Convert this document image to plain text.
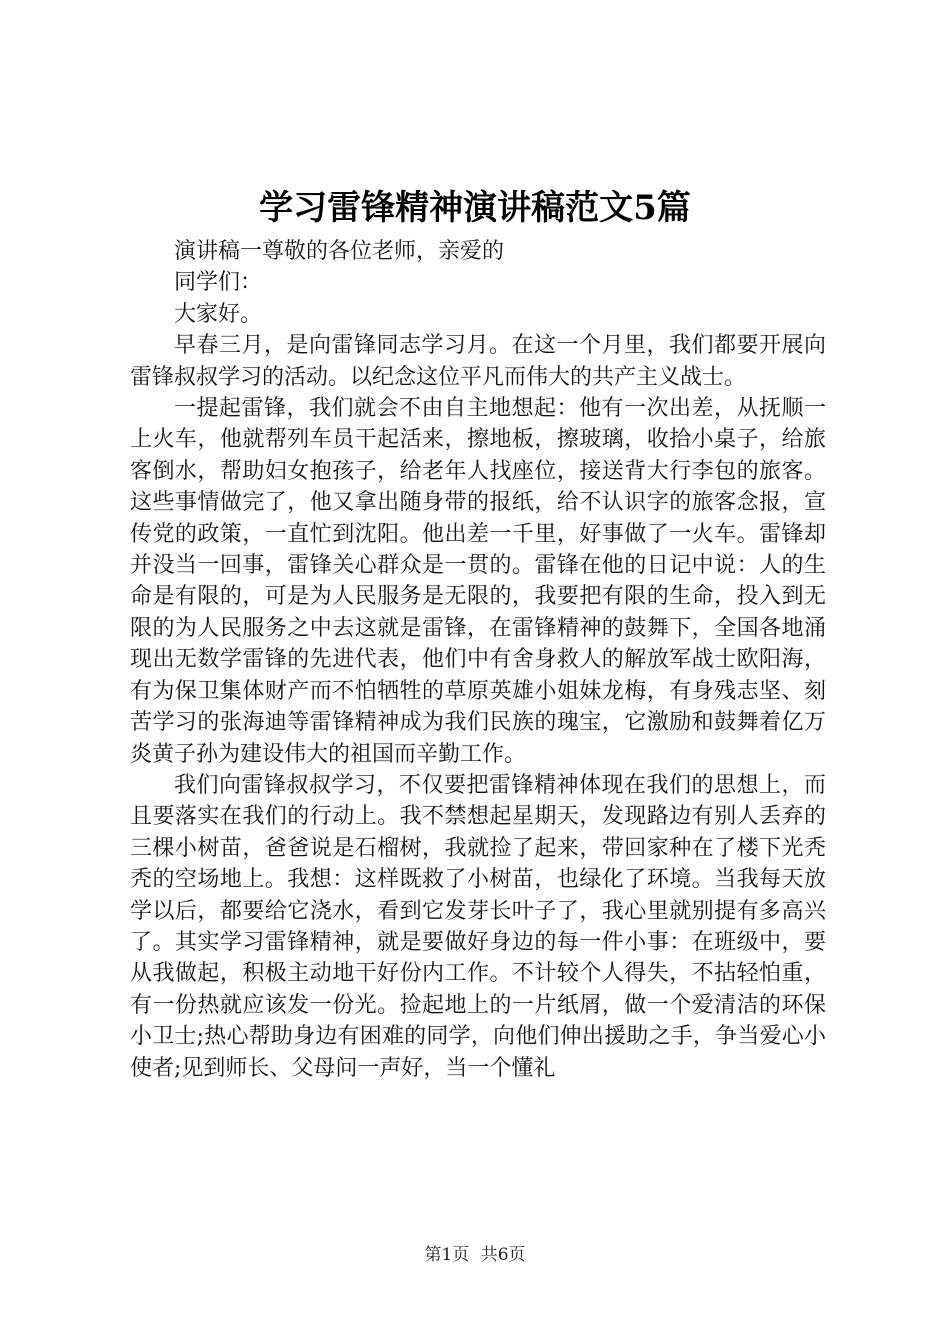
学习雷锋精神演讲稿范文5篇

演讲稿一尊敬的各位老师，亲爱的

同学们：

大家好。

早春三月，是向雷锋同志学习月。在这一个月里，我们都要开展向雷锋叔叔学习的活动。以纪念这位平凡而伟大的共产主义战士。

一提起雷锋，我们就会不由自主地想起：他有一次出差，从抚顺一上火车，他就帮列车员干起活来，擦地板，擦玻璃，收拾小桌子，给旅客倒水，帮助妇女抱孩子，给老年人找座位，接送背大行李包的旅客。这些事情做完了，他又拿出随身带的报纸，给不认识字的旅客念报，宣传党的政策，一直忙到沈阳。他出差一千里，好事做了一火车。雷锋却并没当一回事，雷锋关心群众是一贯的。雷锋在他的日记中说：人的生命是有限的，可是为人民服务是无限的，我要把有限的生命，投入到无限的为人民服务之中去这就是雷锋，在雷锋精神的鼓舞下，全国各地涌现出无数学雷锋的先进代表，他们中有舍身救人的解放军战士欧阳海，有为保卫集体财产而不怕牺牲的草原英雄小姐妹龙梅，有身残志坚、刻苦学习的张海迪等雷锋精神成为我们民族的瑰宝，它激励和鼓舞着亿万炎黄子孙为建设伟大的祖国而辛勤工作。

我们向雷锋叔叔学习，不仅要把雷锋精神体现在我们的思想上，而且要落实在我们的行动上。我不禁想起星期天，发现路边有别人丢弃的三棵小树苗，爸爸说是石榴树，我就捡了起来，带回家种在了楼下光秃秃的空场地上。我想：这样既救了小树苗，也绿化了环境。当我每天放学以后，都要给它浇水，看到它发芽长叶子了，我心里就别提有多高兴了。其实学习雷锋精神，就是要做好身边的每一件小事：在班级中，要从我做起，积极主动地干好份内工作。不计较个人得失，不拈轻怕重，有一份热就应该发一份光。捡起地上的一片纸屑，做一个爱清洁的环保小卫士;热心帮助身边有困难的同学，向他们伸出援助之手，争当爱心小使者;见到师长、父母问一声好，当一个懂礼

第1页 共6页
